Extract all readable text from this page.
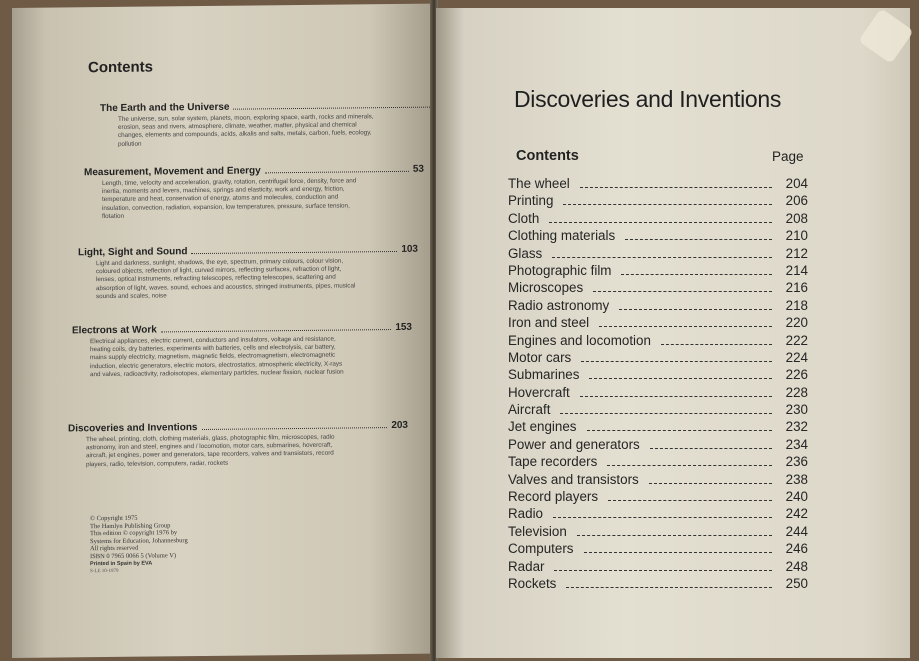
Contents
The Earth and the Universe
The universe, sun, solar system, planets, moon, exploring space, earth, rocks and minerals, erosion, seas and rivers, atmosphere, climate, weather, matter, physical and chemical changes, elements and compounds, acids, alkalis and salts, metals, carbon, fuels, ecology, pollution
Measurement, Movement and Energy	53
Length, time, velocity and acceleration, gravity, rotation, centrifugal force, density, force and inertia, moments and levers, machines, springs and elasticity, work and energy, friction, temperature and heat, conservation of energy, atoms and molecules, conduction and insulation, convection, radiation, expansion, low temperatures, pressure, surface tension, flotation
Light, Sight and Sound	103
Light and darkness, sunlight, shadows, the eye, spectrum, primary colours, colour vision, coloured objects, reflection of light, curved mirrors, reflecting surfaces, refraction of light, lenses, optical instruments, refracting telescopes, reflecting telescopes, scattering and absorption of light, waves, sound, echoes and acoustics, stringed instruments, pipes, musical sounds and scales, noise
Electrons at Work	153
Electrical appliances, electric current, conductors and insulators, voltage and resistance, heating coils, dry batteries, experiments with batteries, cells and electrolysis, car battery, mains supply electricity, magnetism, magnetic fields, electromagnetism, electromagnetic induction, electric generators, electric motors, electrostatics, atmospheric electricity, X-rays and valves, radioactivity, radioisotopes, elementary particles, nuclear fission, nuclear fusion
Discoveries and Inventions	203
The wheel, printing, cloth, clothing materials, glass, photographic film, microscopes, radio astronomy, iron and steel, engines and / locomotion, motor cars, submarines, hovercraft, aircraft, jet engines, power and generators, tape recorders, valves and transistors, record players, radio, television, computers, radar, rockets
© Copyright 1975
The Hamlyn Publishing Group
This edition © copyright 1976 by
Systems for Education, Johannesburg
All rights reserved
ISBN 0 7965 0066 5 (Volume V)
Printed in Spain by EVA
S-LE 10-1979
Discoveries and Inventions
Contents	Page
The wheel	204
Printing	206
Cloth	208
Clothing materials	210
Glass	212
Photographic film	214
Microscopes	216
Radio astronomy	218
Iron and steel	220
Engines and locomotion	222
Motor cars	224
Submarines	226
Hovercraft	228
Aircraft	230
Jet engines	232
Power and generators	234
Tape recorders	236
Valves and transistors	238
Record players	240
Radio	242
Television	244
Computers	246
Radar	248
Rockets	250
